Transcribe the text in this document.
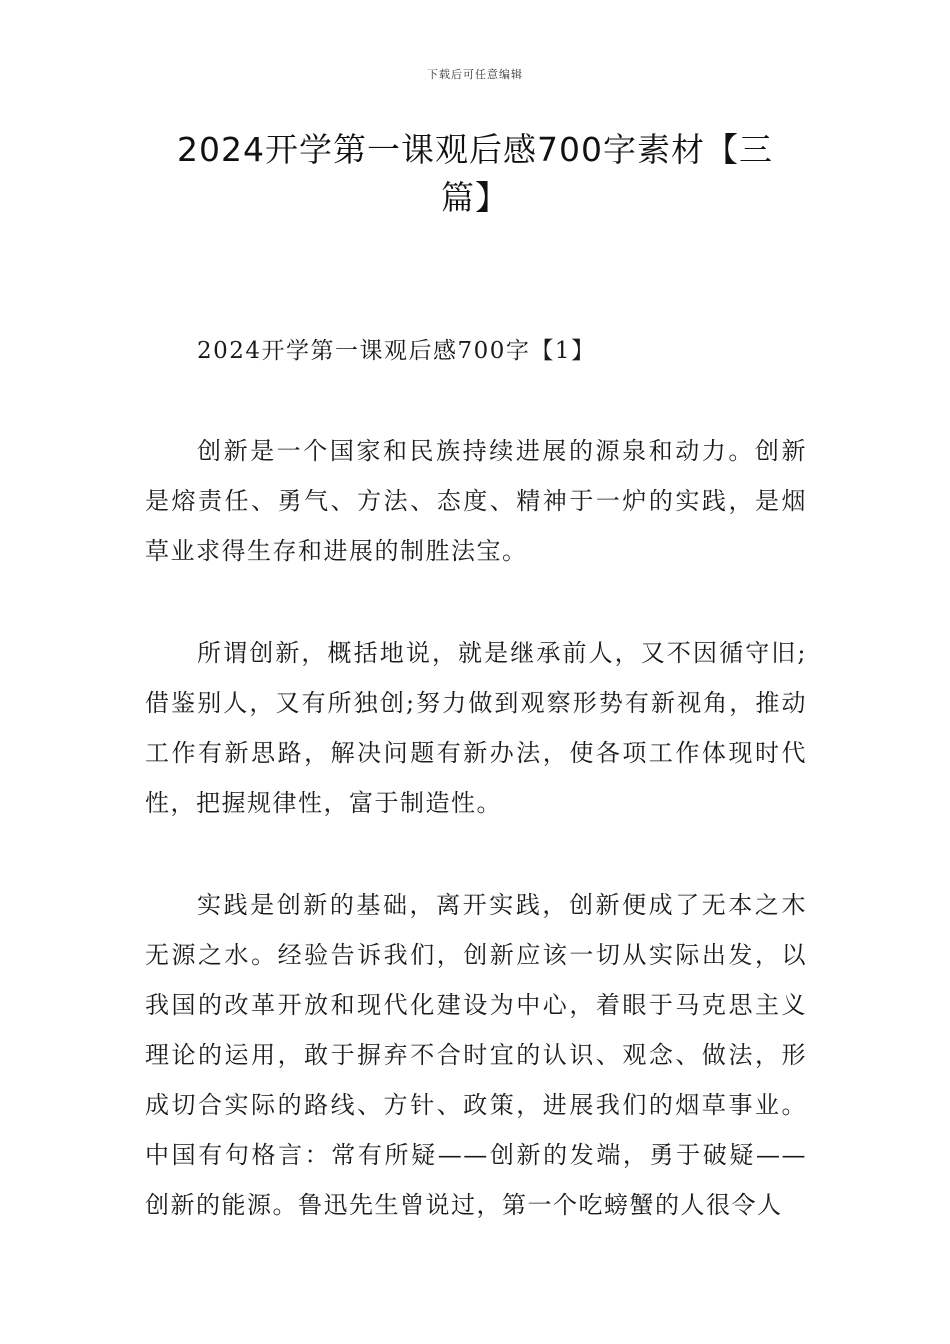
下载后可任意编辑
2024开学第一课观后感700字素材【三篇】

2024开学第一课观后感700字【1】

创新是一个国家和民族持续进展的源泉和动力。创新是熔责任、勇气、方法、态度、精神于一炉的实践，是烟草业求得生存和进展的制胜法宝。

所谓创新，概括地说，就是继承前人，又不因循守旧;借鉴别人，又有所独创;努力做到观察形势有新视角，推动工作有新思路，解决问题有新办法，使各项工作体现时代性，把握规律性，富于制造性。

实践是创新的基础，离开实践，创新便成了无本之木无源之水。经验告诉我们，创新应该一切从实际出发，以我国的改革开放和现代化建设为中心，着眼于马克思主义理论的运用，敢于摒弃不合时宜的认识、观念、做法，形成切合实际的路线、方针、政策，进展我们的烟草事业。中国有句格言：常有所疑——创新的发端，勇于破疑——创新的能源。鲁迅先生曾说过，第一个吃螃蟹的人很令人
